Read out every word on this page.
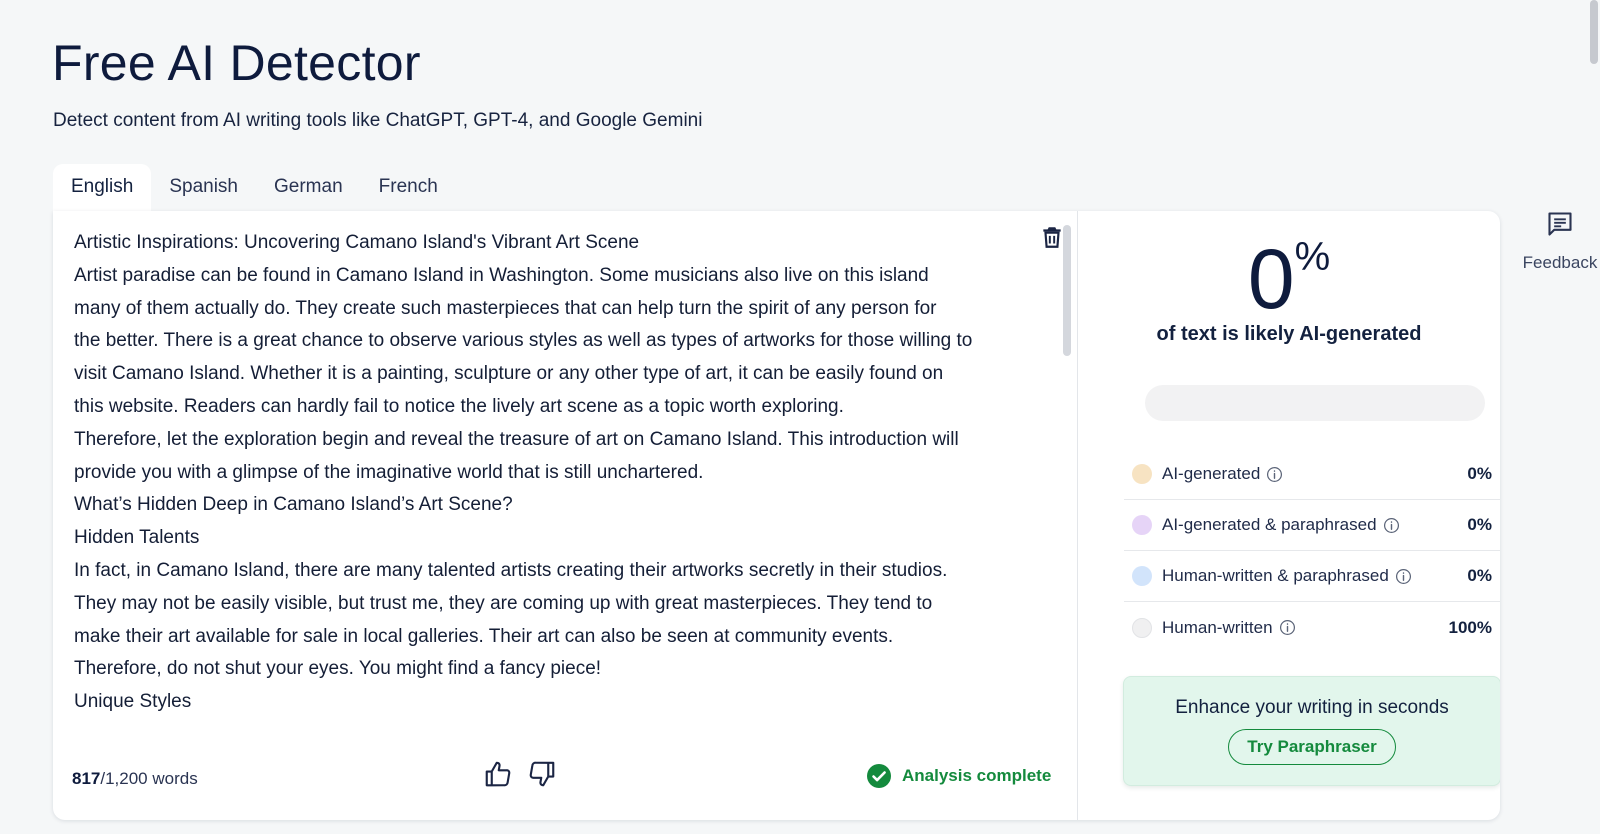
Free AI Detector
Detect content from AI writing tools like ChatGPT, GPT-4, and Google Gemini
English	Spanish	German	French

Artistic Inspirations: Uncovering Camano Island's Vibrant Art Scene

Artist paradise can be found in Camano Island in Washington. Some musicians also live on this island

many of them actually do. They create such masterpieces that can help turn the spirit of any person for

the better. There is a great chance to observe various styles as well as types of artworks for those willing to

visit Camano Island. Whether it is a painting, sculpture or any other type of art, it can be easily found on

this website. Readers can hardly fail to notice the lively art scene as a topic worth exploring.

Therefore, let the exploration begin and reveal the treasure of art on Camano Island. This introduction will

provide you with a glimpse of the imaginative world that is still unchartered.

What’s Hidden Deep in Camano Island’s Art Scene?

Hidden Talents

In fact, in Camano Island, there are many talented artists creating their artworks secretly in their studios.

They may not be easily visible, but trust me, they are coming up with great masterpieces. They tend to

make their art available for sale in local galleries. Their art can also be seen at community events.

Therefore, do not shut your eyes. You might find a fancy piece!

Unique Styles

817/1,200 words	Analysis complete
0%
of text is likely AI-generated
AI-generated	0%
AI-generated & paraphrased	0%
Human-written & paraphrased	0%
Human-written	100%
Enhance your writing in seconds
Try Paraphraser
Feedback
